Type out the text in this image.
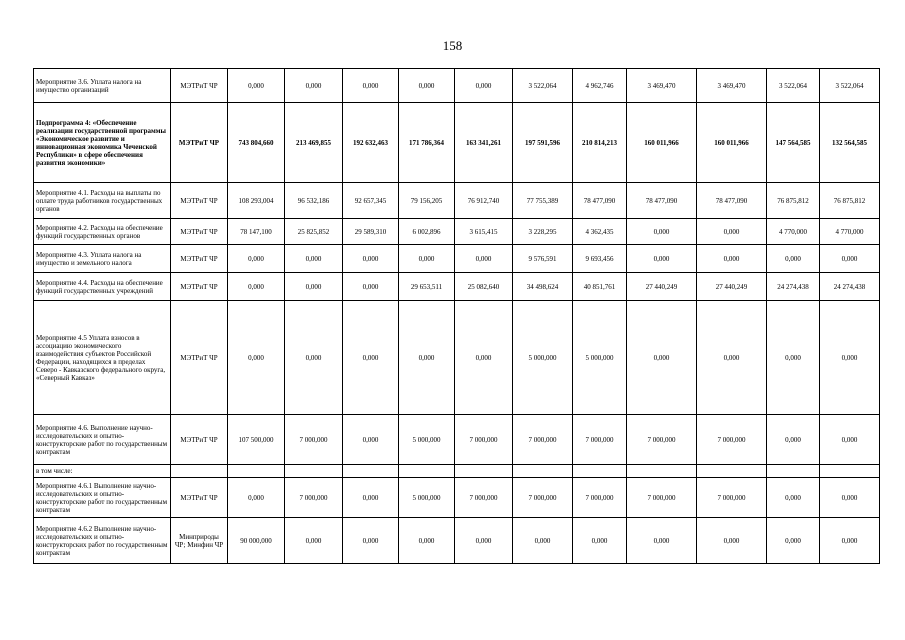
158
Мероприятие 3.6. Уплата налога на имущество организаций	МЭТРиТ ЧР	0,000	0,000	0,000	0,000	0,000	3 522,064	4 962,746	3 469,470	3 469,470	3 522,064	3 522,064
Подпрограмма 4: «Обеспечение реализации государственной программы «Экономическое развитие и инновационная экономика Чеченской Республики» в сфере обеспечения развития экономики»	МЭТРиТ ЧР	743 804,660	213 469,855	192 632,463	171 786,364	163 341,261	197 591,596	210 814,213	160 011,966	160 011,966	147 564,585	132 564,585
Мероприятие 4.1. Расходы на выплаты по оплате труда работников государственных органов	МЭТРиТ ЧР	108 293,004	96 532,186	92 657,345	79 156,205	76 912,740	77 755,389	78 477,090	78 477,090	78 477,090	76 875,812	76 875,812
Мероприятие 4.2. Расходы на обеспечение функций государственных органов	МЭТРиТ ЧР	78 147,100	25 825,852	29 589,310	6 002,896	3 615,415	3 228,295	4 362,435	0,000	0,000	4 770,000	4 770,000
Мероприятие 4.3. Уплата налога на имущество и земельного налога	МЭТРиТ ЧР	0,000	0,000	0,000	0,000	0,000	9 576,591	9 693,456	0,000	0,000	0,000	0,000
Мероприятие 4.4. Расходы на обеспечение функций государственных учреждений	МЭТРиТ ЧР	0,000	0,000	0,000	29 653,511	25 082,640	34 498,624	40 851,761	27 440,249	27 440,249	24 274,438	24 274,438
Мероприятие 4.5 Уплата взносов в ассоциацию экономического взаимодействия субъектов Российской Федерации, находящихся в пределах Северо - Кавказского федерального округа, «Северный Кавказ»	МЭТРиТ ЧР	0,000	0,000	0,000	0,000	0,000	5 000,000	5 000,000	0,000	0,000	0,000	0,000
Мероприятие 4.6. Выполнение научно-исследовательских и опытно-конструкторские работ по государственным контрактам	МЭТРиТ ЧР	107 500,000	7 000,000	0,000	5 000,000	7 000,000	7 000,000	7 000,000	7 000,000	7 000,000	0,000	0,000
в том числе:												
Мероприятие 4.6.1 Выполнение научно-исследовательских и опытно-конструкторские работ по государственным контрактам	МЭТРиТ ЧР	0,000	7 000,000	0,000	5 000,000	7 000,000	7 000,000	7 000,000	7 000,000	7 000,000	0,000	0,000
Мероприятие 4.6.2 Выполнение научно-исследовательских и опытно-конструкторских работ по государственным контрактам	Минприроды ЧР; Минфин ЧР	90 000,000	0,000	0,000	0,000	0,000	0,000	0,000	0,000	0,000	0,000	0,000
